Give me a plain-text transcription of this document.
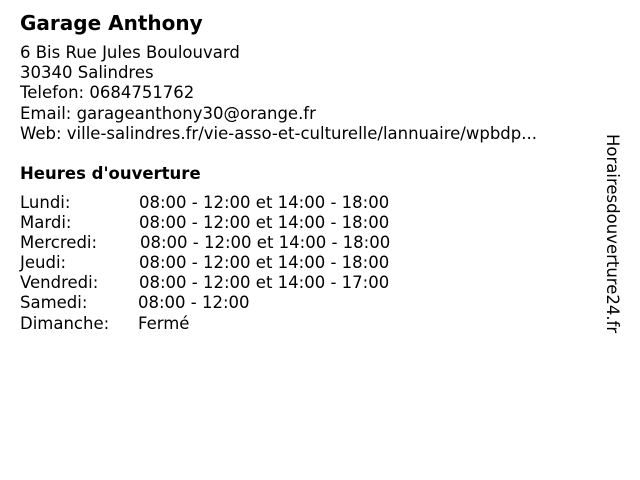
Garage Anthony
6 Bis Rue Jules Boulouvard
30340 Salindres
Telefon: 0684751762
Email: garageanthony30@orange.fr
Web: ville-salindres.fr/vie-asso-et-culturelle/lannuaire/wpbdp...
Heures d'ouverture
Lundi:	08:00 - 12:00 et 14:00 - 18:00
Mardi:	08:00 - 12:00 et 14:00 - 18:00
Mercredi:	08:00 - 12:00 et 14:00 - 18:00
Jeudi:	08:00 - 12:00 et 14:00 - 18:00
Vendredi: 08:00 - 12:00 et 14:00 - 17:00
Samedi:	08:00 - 12:00
Dimanche: Fermé	Horairesdouverture24.fr
